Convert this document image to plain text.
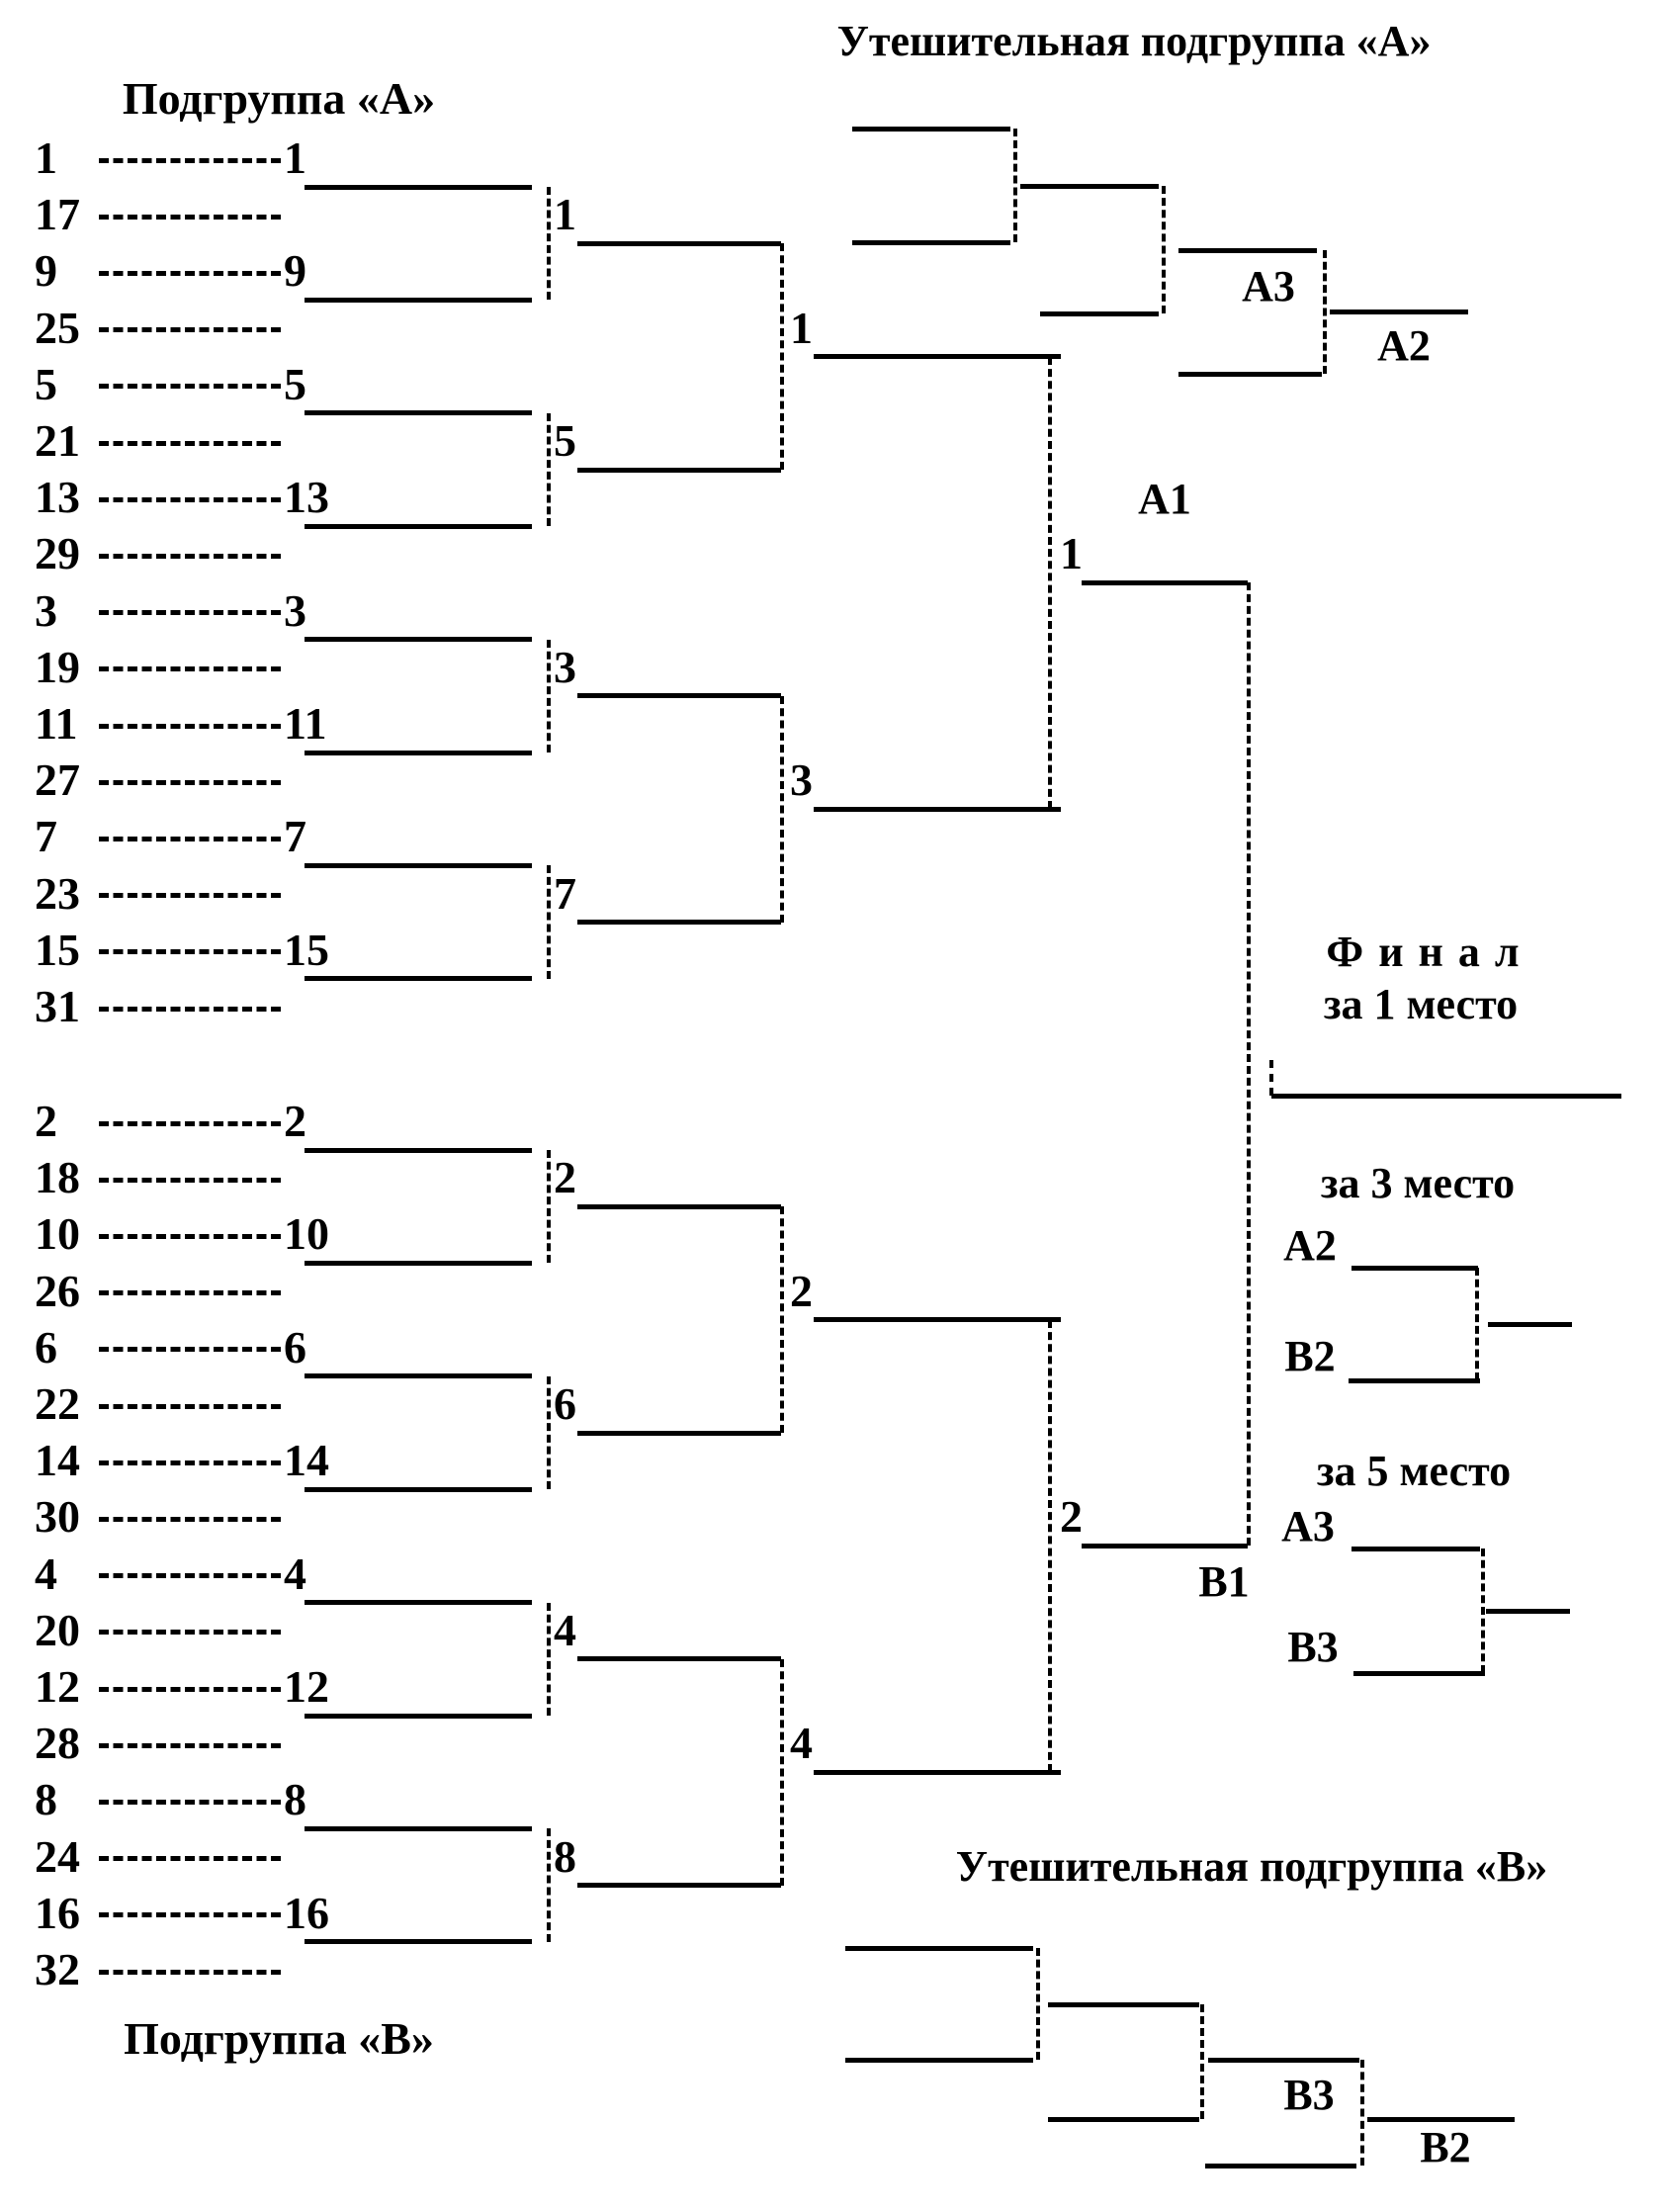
Подгруппа «А»
Подгруппа «В»
Утешительная подгруппа «А»
Утешительная подгруппа «В»
Ф и н а л
за 1 место
за 3 место
за 5 место
1	1
17
9	9
25
5	5
21
13	13
29
3	3
19
11	11
27
7	7
23
15	15
31
1
5
3
7
1
3
1
А1
2	2
18
10	10
26
6	6
22
14	14
30
4	4
20
12	12
28
8	8
24
16	16
32
2
6
4
8
2
4
2
В1
А3
А2
В3
В2
А2
В2
А3
В3
